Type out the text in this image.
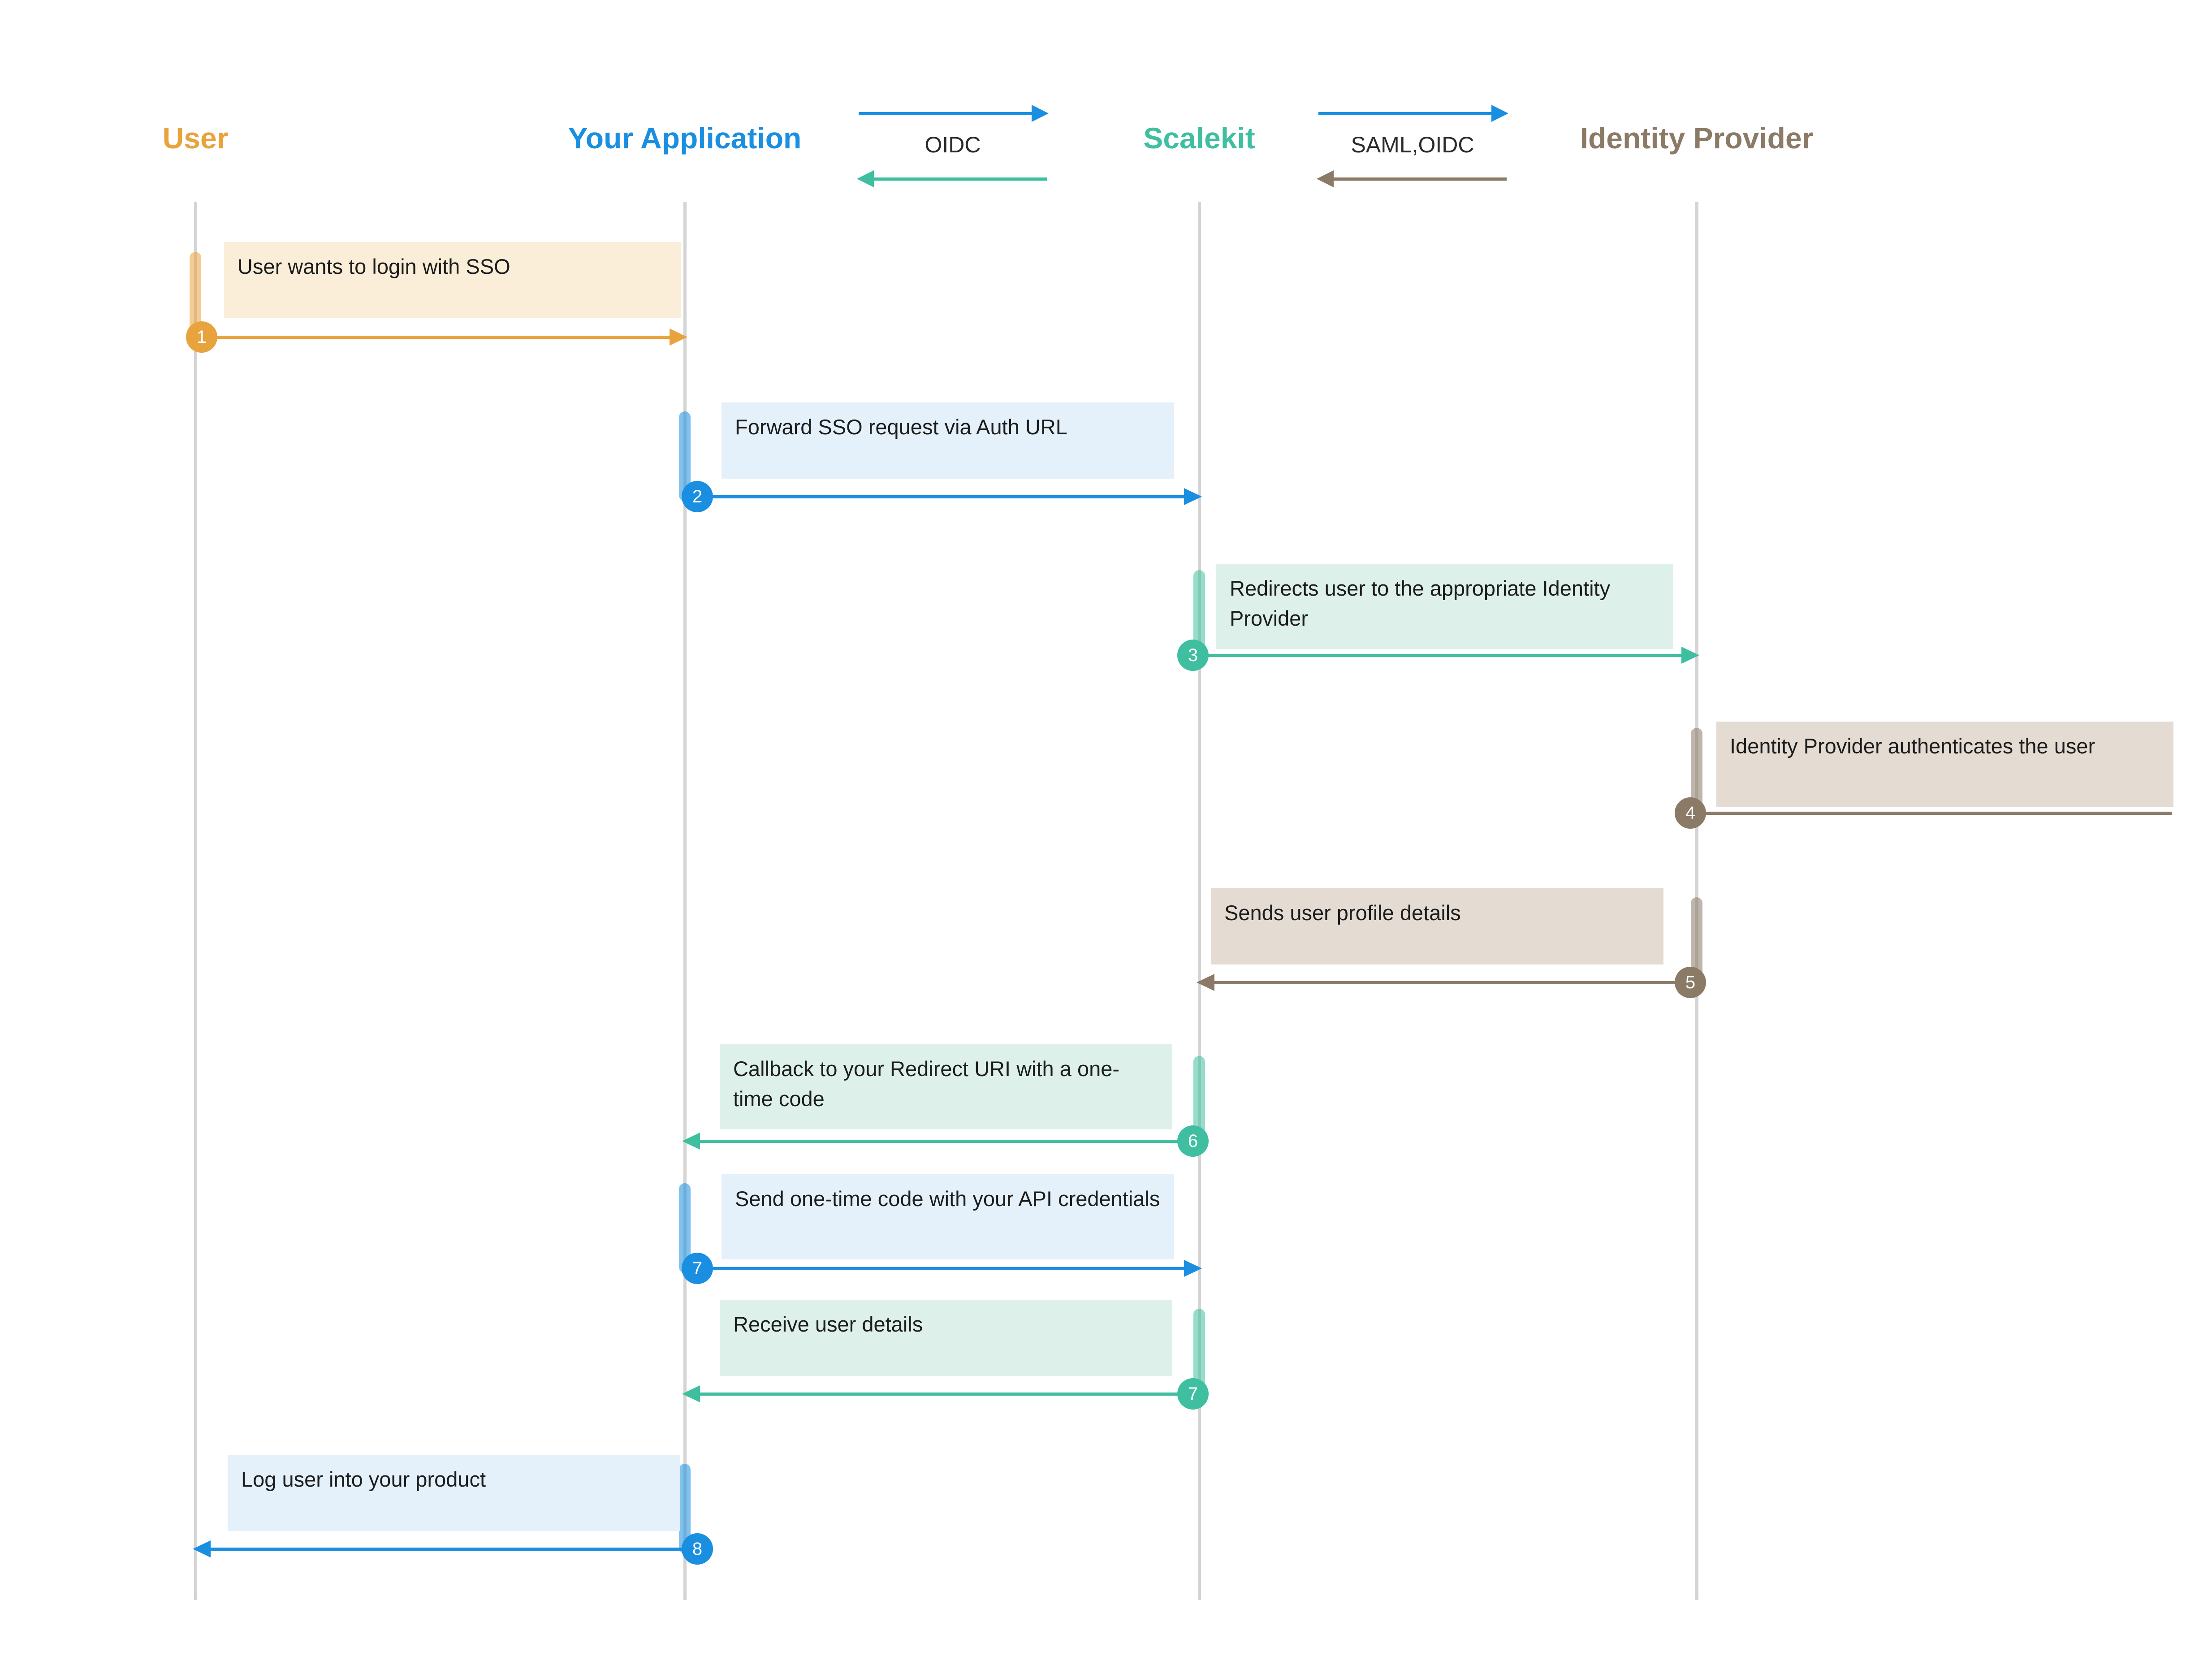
User	Your Application	Scalekit	Identity Provider
OIDC	SAML,OIDC
User wants to login with SSO
1
Forward SSO request via Auth URL
2
Redirects user to the appropriate Identity Provider
3
Identity Provider authenticates the user
4
Sends user profile details
5
Callback to your Redirect URI with a one-time code
6
Send one-time code with your API credentials
7
Receive user details
7
Log user into your product
8
